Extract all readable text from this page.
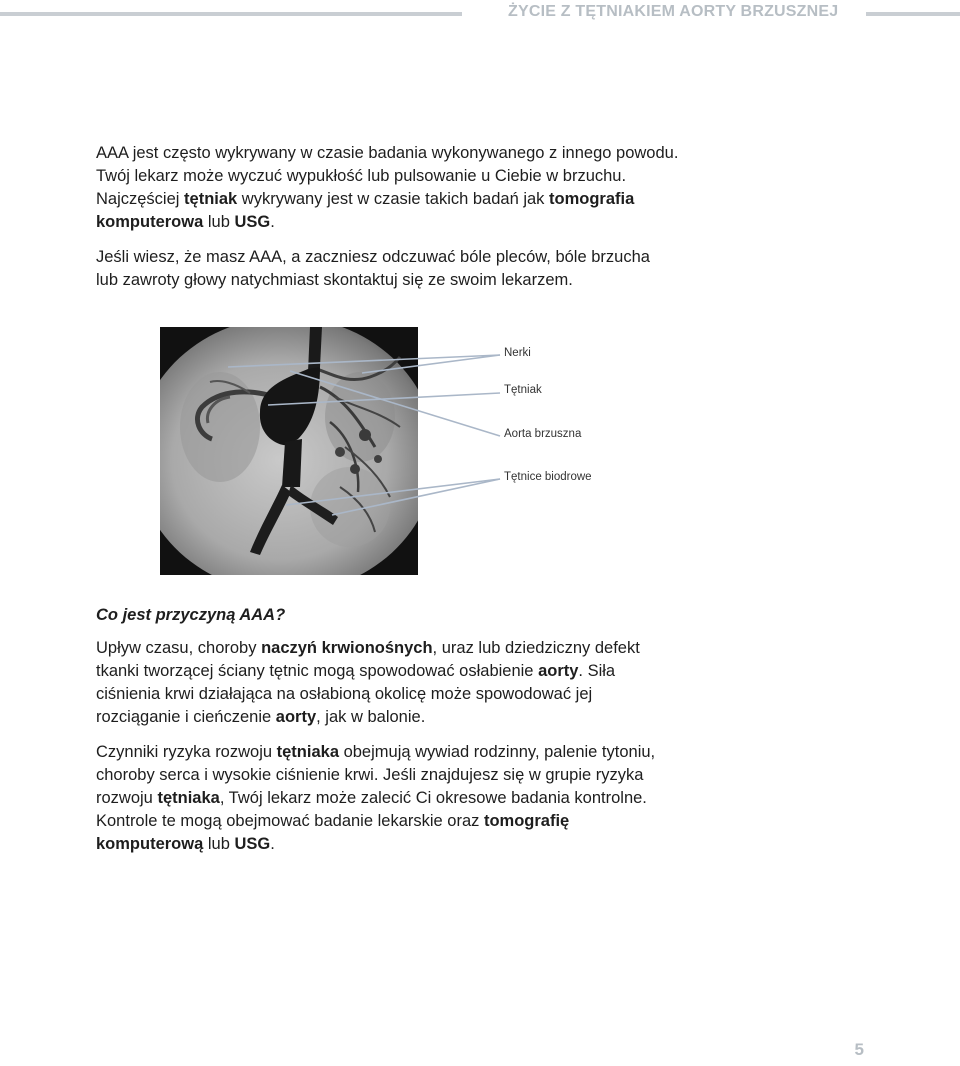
ŻYCIE Z TĘTNIAKIEM AORTY BRZUSZNEJ

AAA jest często wykrywany w czasie badania wykonywanego z innego powodu. Twój lekarz może wyczuć wypukłość lub pulsowanie u Ciebie w brzuchu. Najczęściej tętniak wykrywany jest w czasie takich badań jak tomografia komputerowa lub USG.

Jeśli wiesz, że masz AAA, a zaczniesz odczuwać bóle pleców, bóle brzucha lub zawroty głowy natychmiast skontaktuj się ze swoim lekarzem.

Nerki
Tętniak
Aorta brzuszna
Tętnice biodrowe
Co jest przyczyną AAA?

Upływ czasu, choroby naczyń krwionośnych, uraz lub dziedziczny defekt tkanki tworzącej ściany tętnic mogą spowodować osłabienie aorty. Siła ciśnienia krwi działająca na osłabioną okolicę może spowodować jej rozciąganie i cieńczenie aorty, jak w balonie.

Czynniki ryzyka rozwoju tętniaka obejmują wywiad rodzinny, palenie tytoniu, choroby serca i wysokie ciśnienie krwi. Jeśli znajdujesz się w grupie ryzyka rozwoju tętniaka, Twój lekarz może zalecić Ci okresowe badania kontrolne. Kontrole te mogą obejmować badanie lekarskie oraz tomografię komputerową lub USG.

5
